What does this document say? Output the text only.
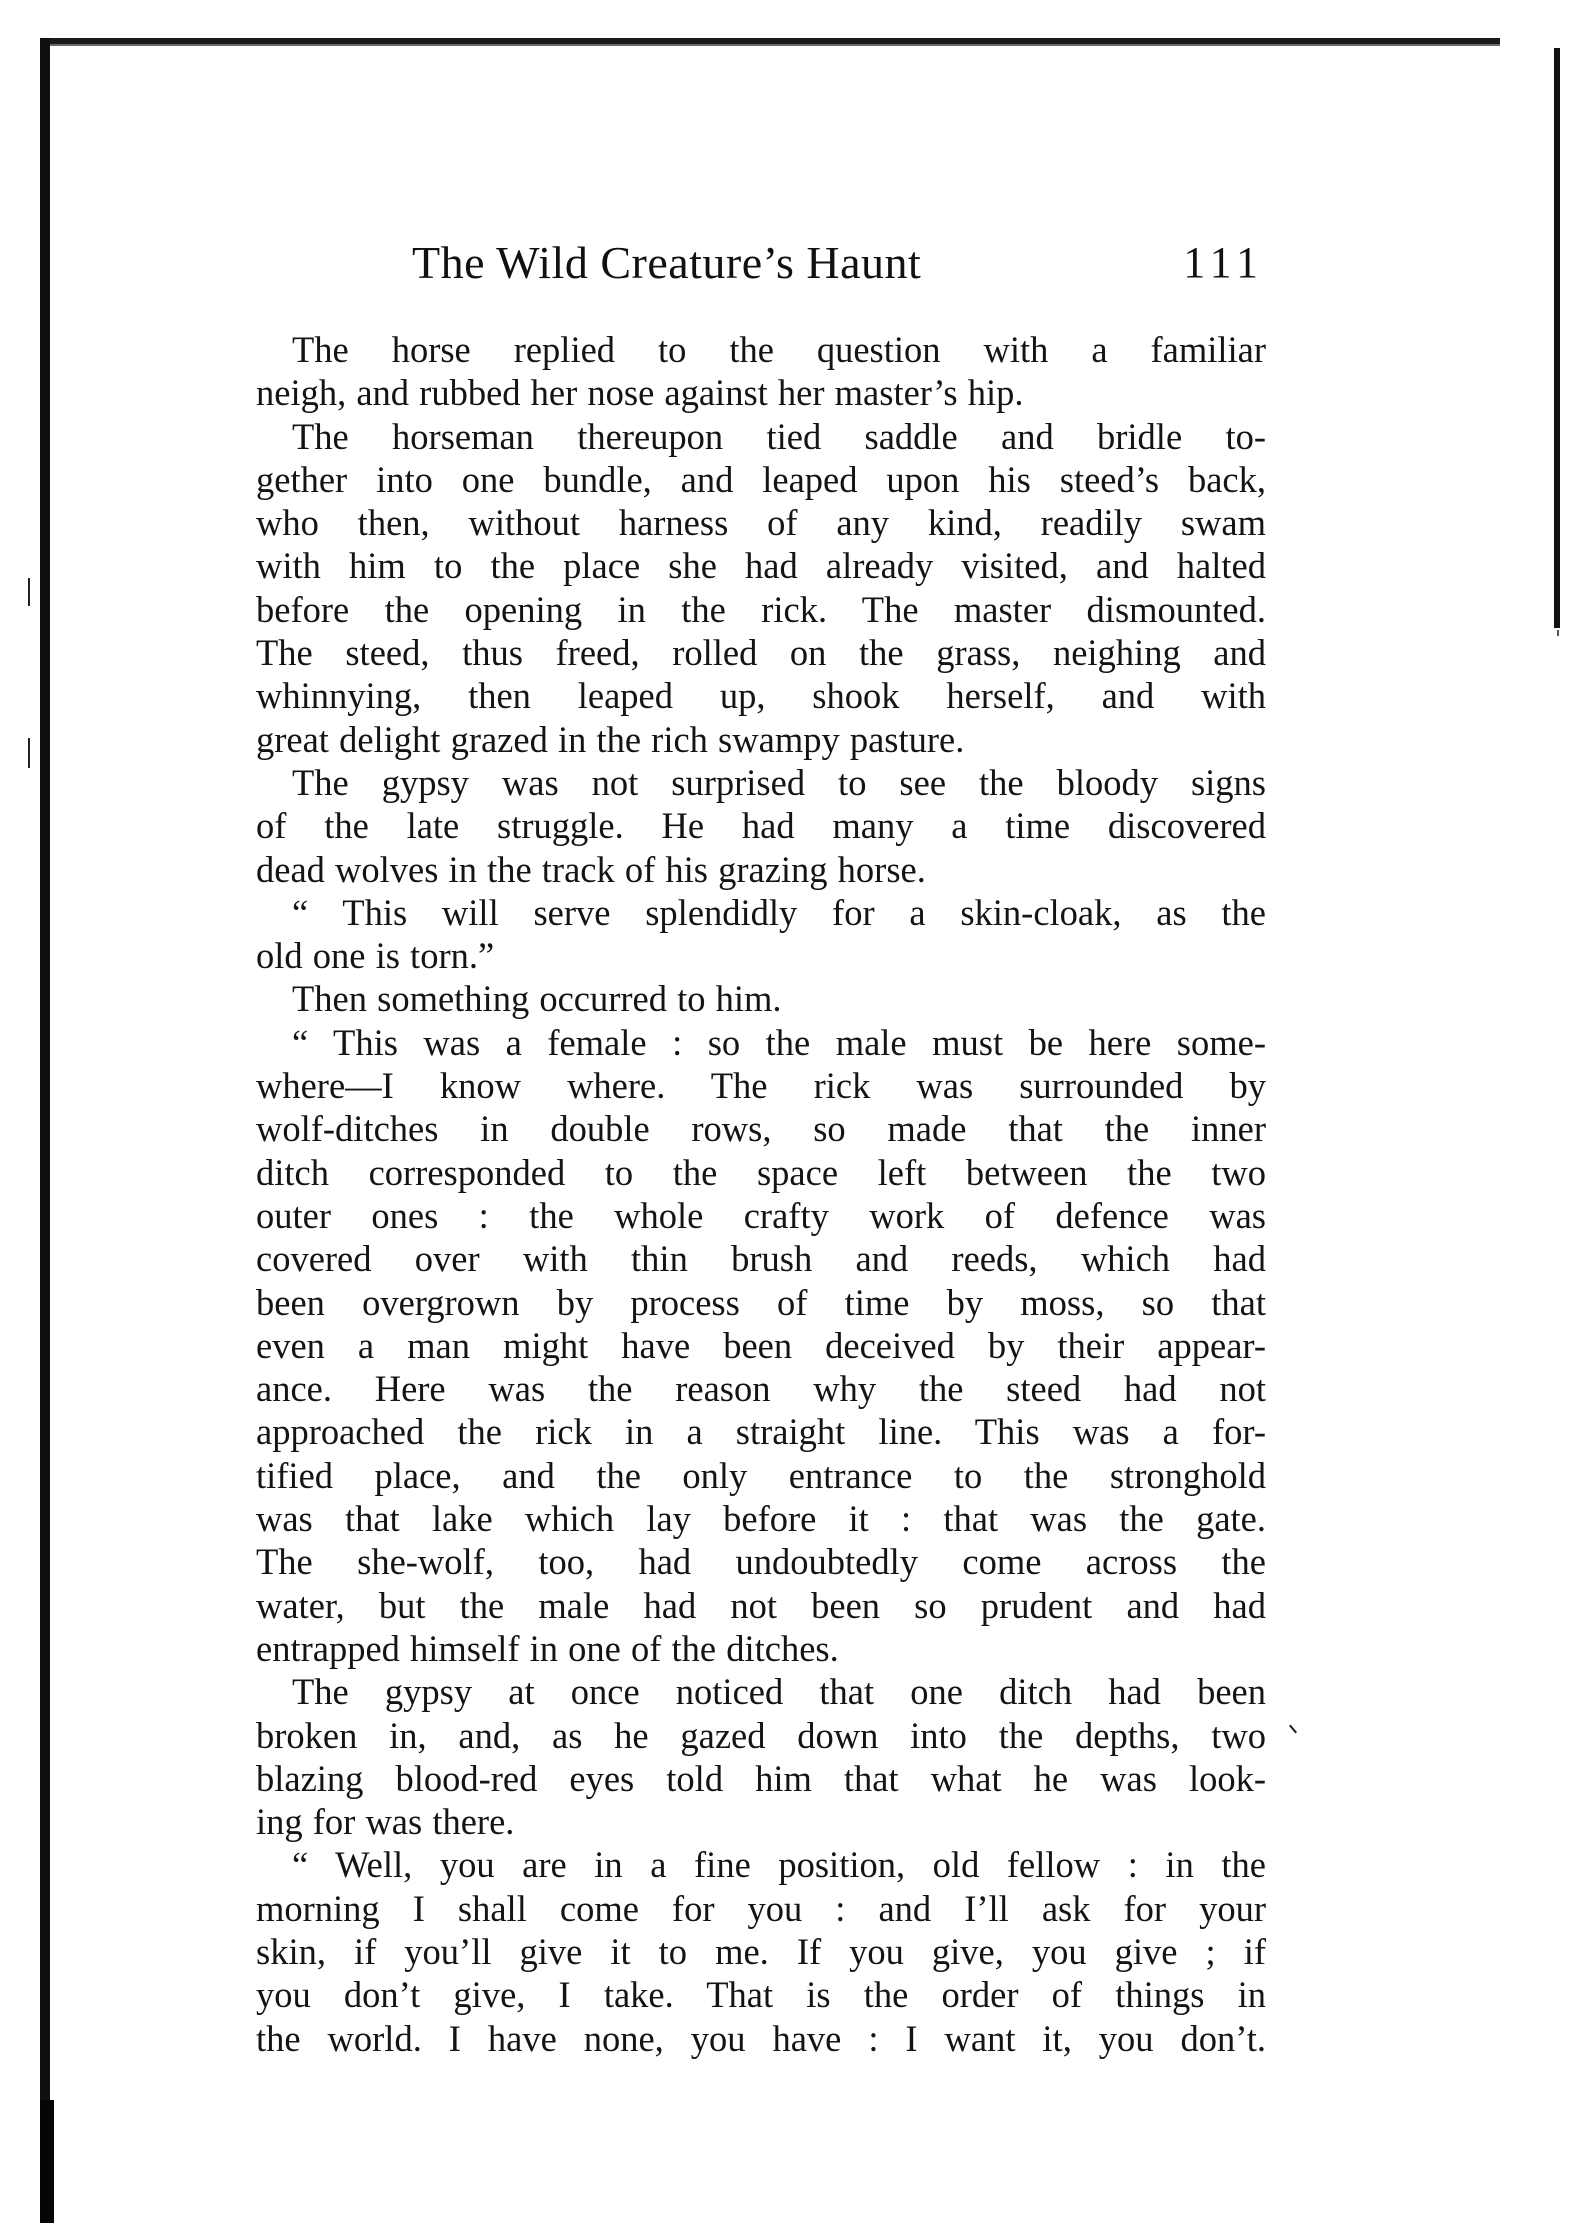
The Wild Creature’s Haunt	111
The horse replied to the question with a familiar
neigh, and rubbed her nose against her master’s hip.
The horseman thereupon tied saddle and bridle to-
gether into one bundle, and leaped upon his steed’s back,
who then, without harness of any kind, readily swam
with him to the place she had already visited, and halted
before the opening in the rick. The master dismounted.
The steed, thus freed, rolled on the grass, neighing and
whinnying, then leaped up, shook herself, and with
great delight grazed in the rich swampy pasture.
The gypsy was not surprised to see the bloody signs
of the late struggle. He had many a time discovered
dead wolves in the track of his grazing horse.
“ This will serve splendidly for a skin-cloak, as the
old one is torn.”
Then something occurred to him.
“ This was a female : so the male must be here some-
where—I know where. The rick was surrounded by
wolf-ditches in double rows, so made that the inner
ditch corresponded to the space left between the two
outer ones : the whole crafty work of defence was
covered over with thin brush and reeds, which had
been overgrown by process of time by moss, so that
even a man might have been deceived by their appear-
ance. Here was the reason why the steed had not
approached the rick in a straight line. This was a for-
tified place, and the only entrance to the stronghold
was that lake which lay before it : that was the gate.
The she-wolf, too, had undoubtedly come across the
water, but the male had not been so prudent and had
entrapped himself in one of the ditches.
The gypsy at once noticed that one ditch had been
broken in, and, as he gazed down into the depths, two
blazing blood-red eyes told him that what he was look-
ing for was there.
“ Well, you are in a fine position, old fellow : in the
morning I shall come for you : and I’ll ask for your
skin, if you’ll give it to me. If you give, you give ; if
you don’t give, I take. That is the order of things in
the world. I have none, you have : I want it, you don’t.
